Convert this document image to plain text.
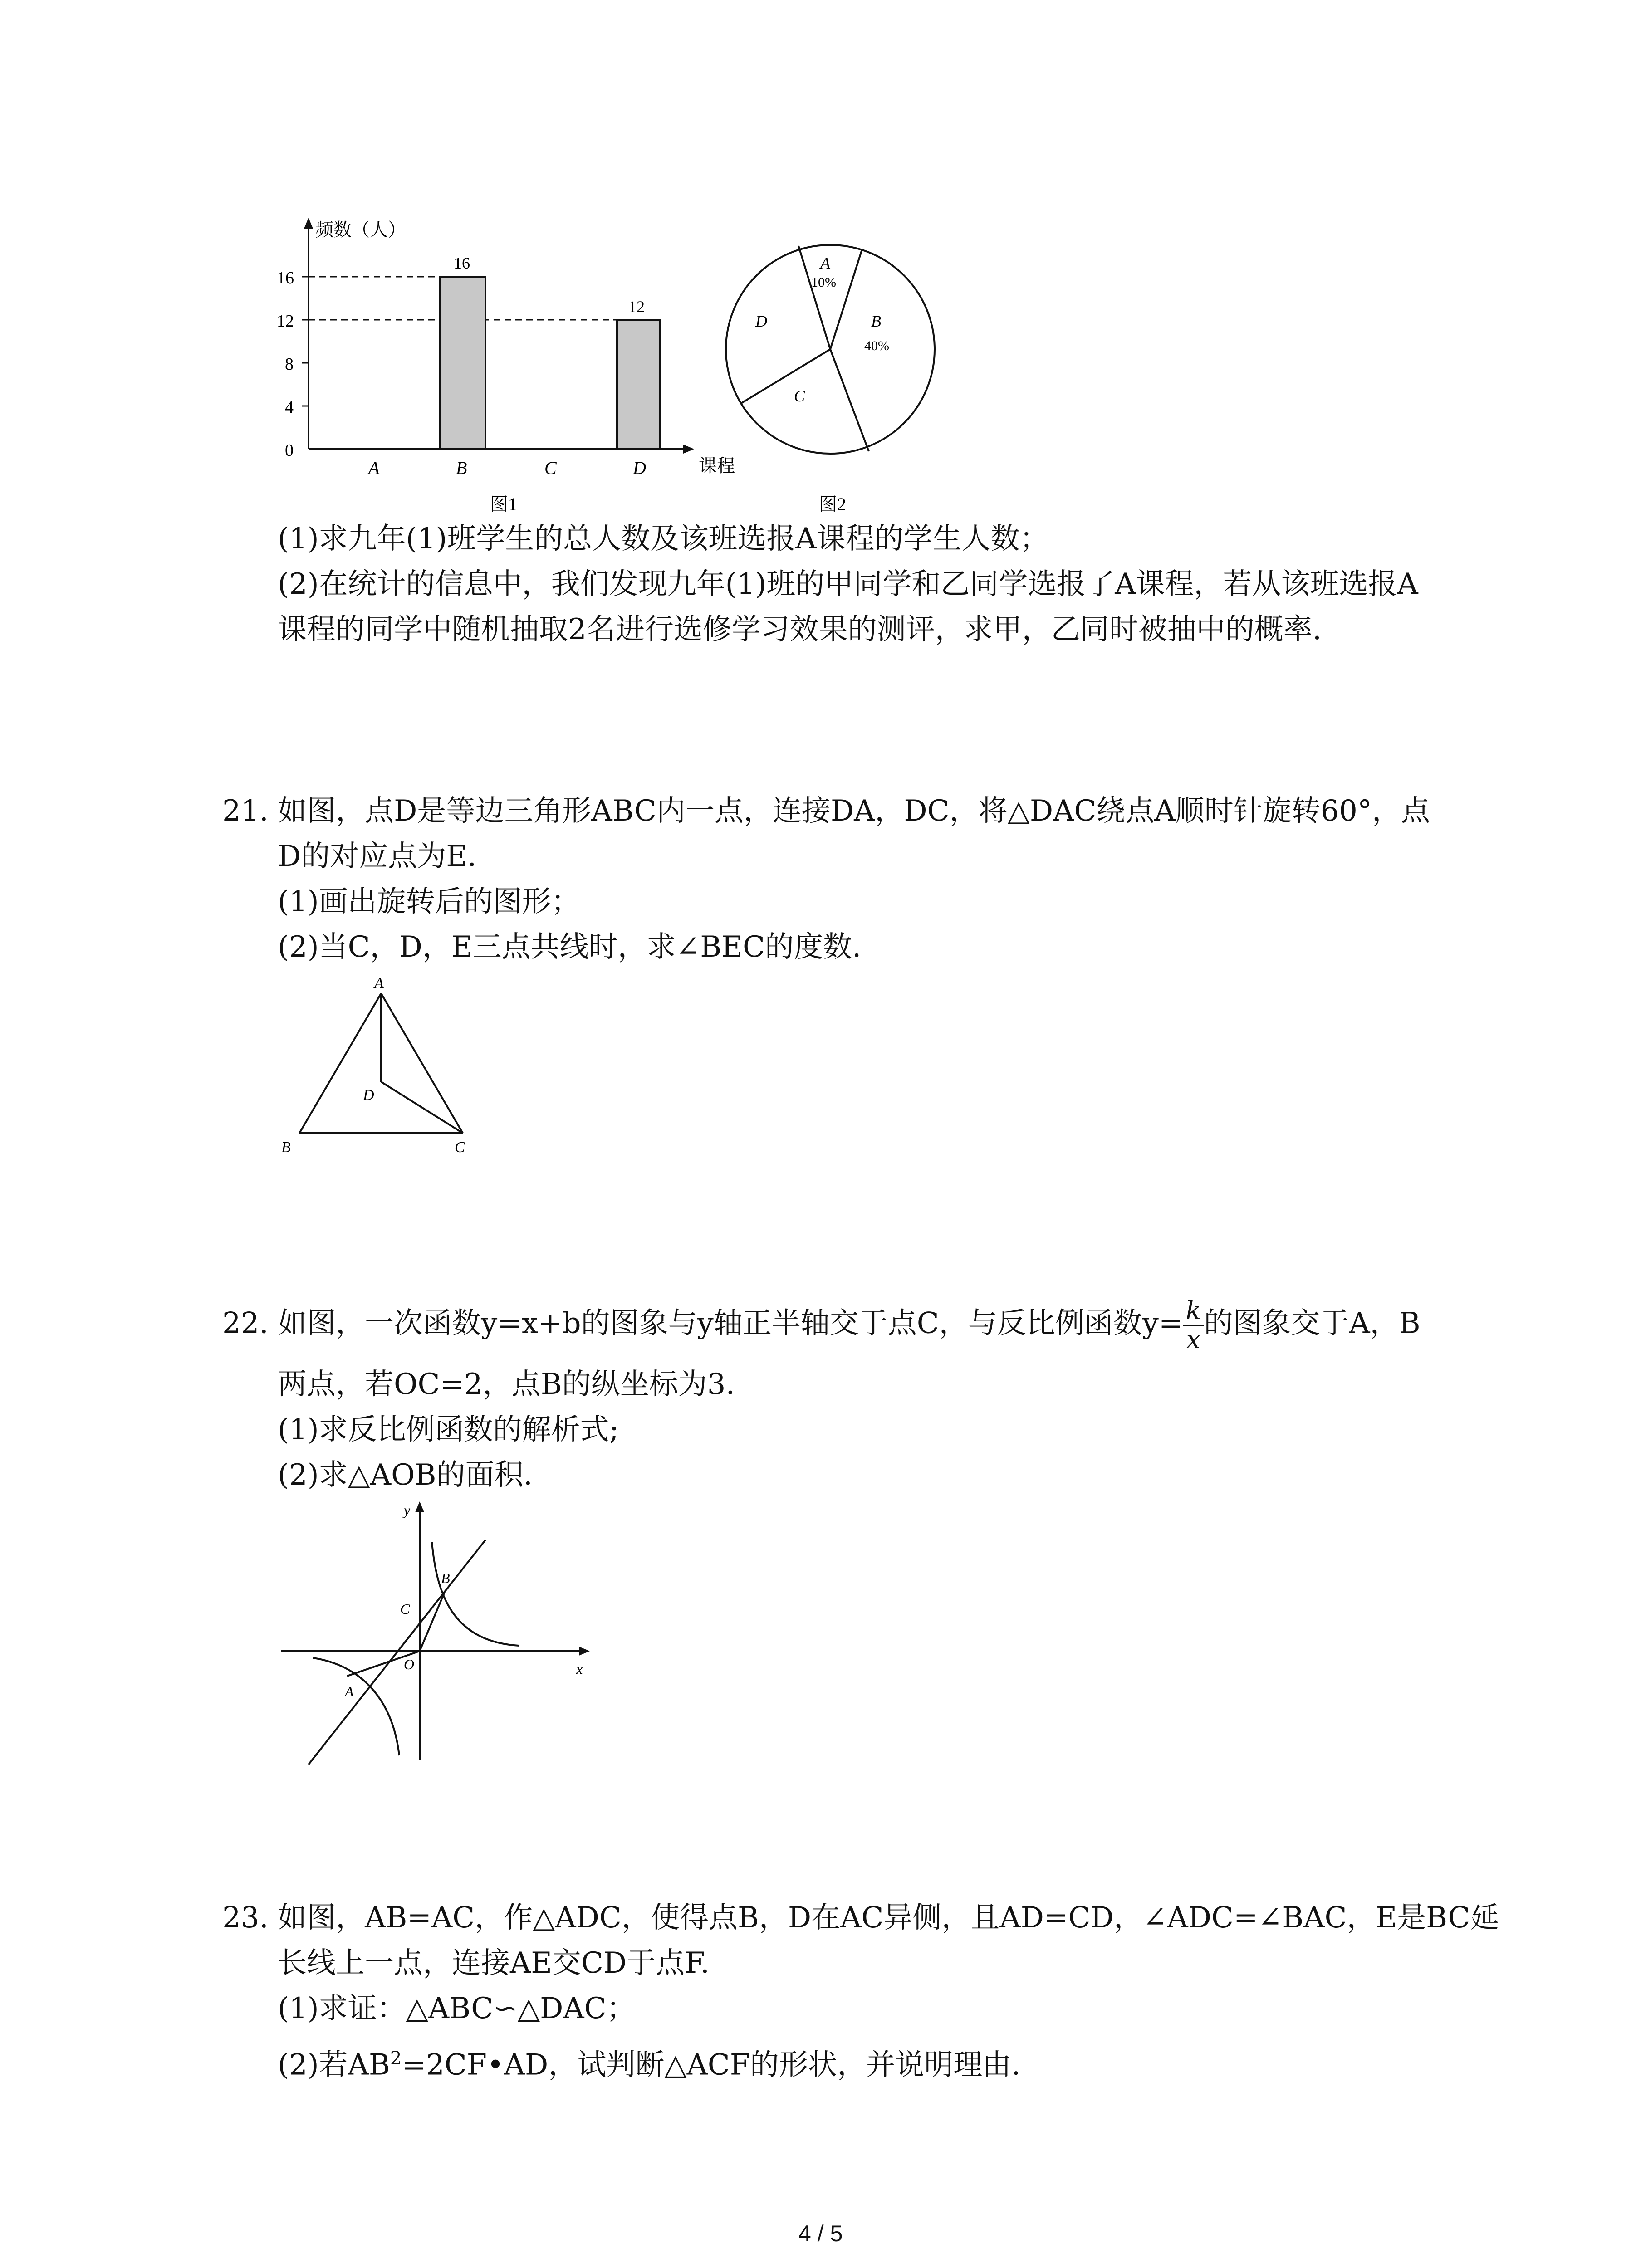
0
4
8
12
16
频数（人）
课程
16
12
A	B	C	D
图1
A
10%
B
40%
C
D
图2
(1)求九年(1)班学生的总人数及该班选报A课程的学生人数；
(2)在统计的信息中，我们发现九年(1)班的甲同学和乙同学选报了A课程，若从该班选报A
课程的同学中随机抽取2名进行选修学习效果的测评，求甲，乙同时被抽中的概率.
21. 如图，点D是等边三角形ABC内一点，连接DA，DC，将△DAC绕点A顺时针旋转60°，点
D的对应点为E.
(1)画出旋转后的图形；
(2)当C，D，E三点共线时，求∠BEC的度数.
A
B	C
D
22. 如图，一次函数y=x+b的图象与y轴正半轴交于点C，与反比例函数$y= \frac{k}{x}$ 的图象交于A，B
两点，若OC=2，点B的纵坐标为3.
(1)求反比例函数的解析式;
(2)求△AOB的面积.
y
x
B
C
O
A
23. 如图，AB=AC，作△ADC，使得点B，D在AC异侧，且AD=CD，∠ADC=∠BAC，E是BC延
长线上一点，连接AE交CD于点F.
(1)求证：△ABC∽△DAC；
(2)若$AB^2=2CF•AD$，试判断△ACF的形状，并说明理由.
4 / 5
